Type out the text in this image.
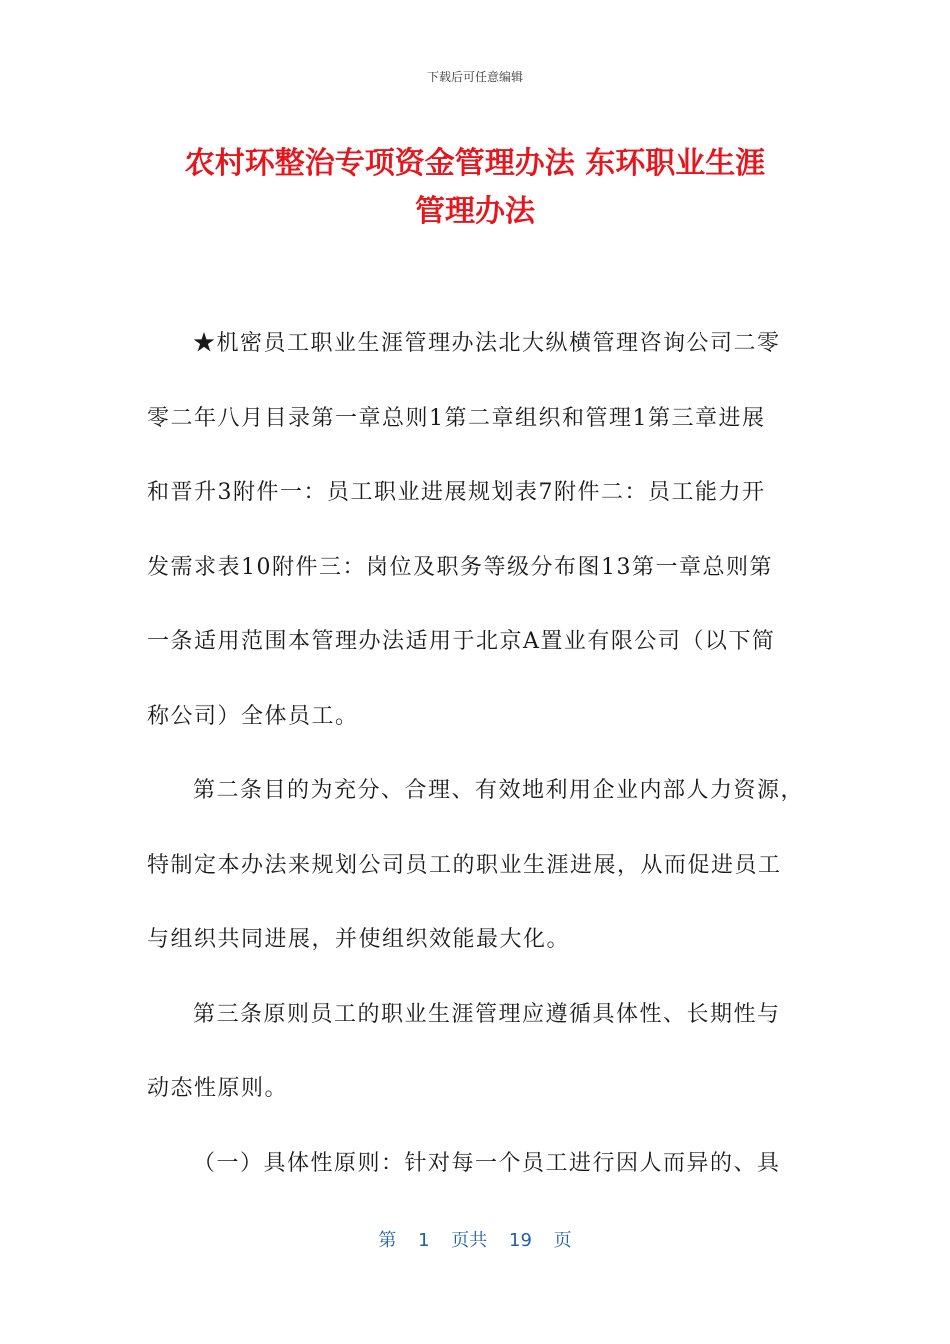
下载后可任意编辑
农村环整治专项资金管理办法 东环职业生涯
管理办法
★机密员工职业生涯管理办法北大纵横管理咨询公司二零
零二年八月目录第一章总则1第二章组织和管理1第三章进展
和晋升3附件一：员工职业进展规划表7附件二：员工能力开
发需求表10附件三：岗位及职务等级分布图13第一章总则第
一条适用范围本管理办法适用于北京A置业有限公司（以下简
称公司）全体员工。
第二条目的为充分、合理、有效地利用企业内部人力资源，
特制定本办法来规划公司员工的职业生涯进展，从而促进员工
与组织共同进展，并使组织效能最大化。
第三条原则员工的职业生涯管理应遵循具体性、长期性与
动态性原则。
（一）具体性原则：针对每一个员工进行因人而异的、具
第 1 页共 19 页
